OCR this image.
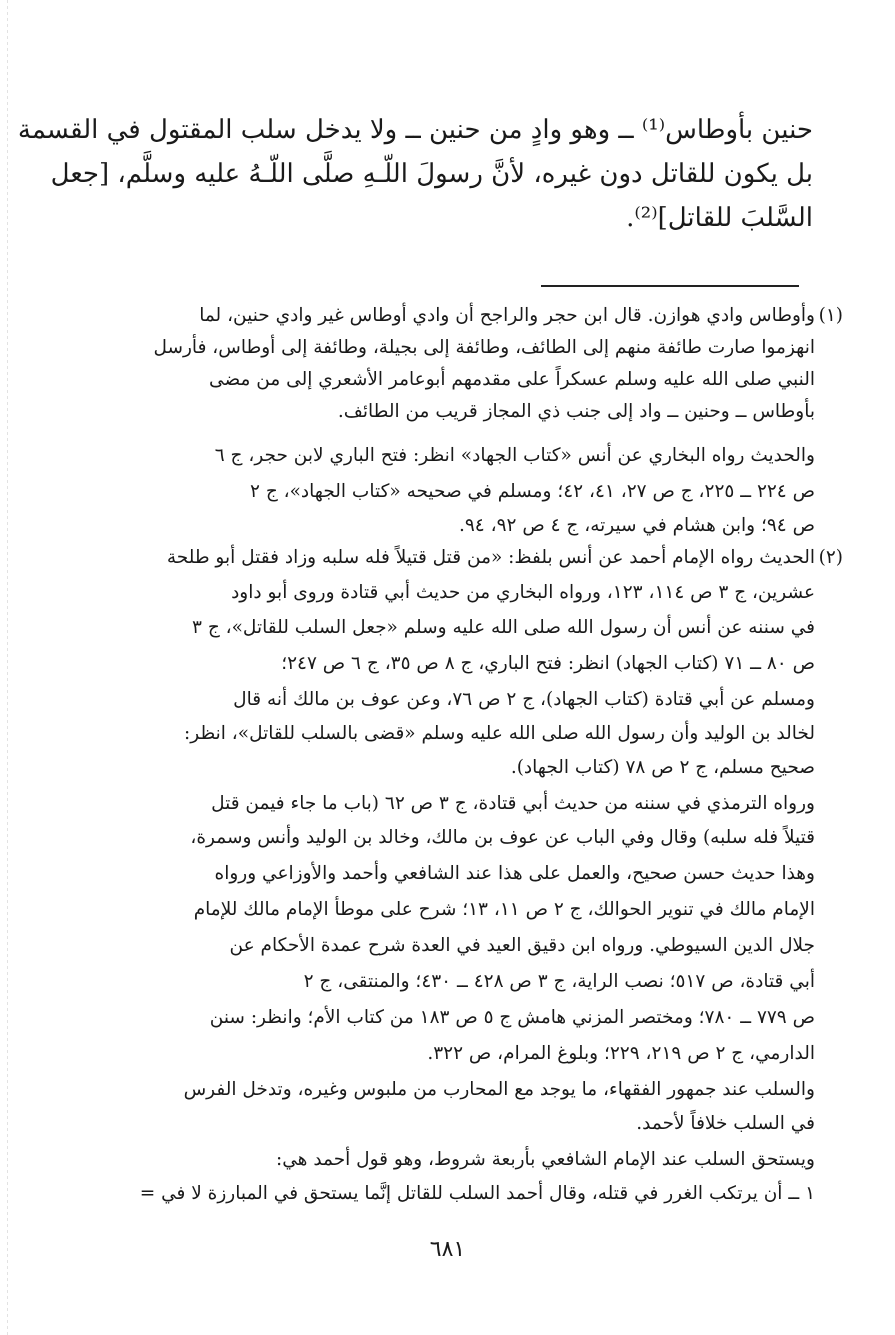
حنين بأوطاس⁽¹⁾ ــ وهو وادٍ من حنين ــ ولا يدخل سلب المقتول في القسمة
بل يكون للقاتل دون غيره، لأنَّ رسولَ اللّـهِ صلَّى اللّـهُ عليه وسلَّم، [جعل
السَّلبَ للقاتل]⁽²⁾.
(١)
وأوطاس وادي هوازن. قال ابن حجر والراجح أن وادي أوطاس غير وادي حنين، لما
انهزموا صارت طائفة منهم إلى الطائف، وطائفة إلى بجيلة، وطائفة إلى أوطاس، فأرسل
النبي صلى الله عليه وسلم عسكراً على مقدمهم أبوعامر الأشعري إلى من مضى
بأوطاس ــ وحنين ــ واد إلى جنب ذي المجاز قريب من الطائف.
والحديث رواه البخاري عن أنس «كتاب الجهاد» انظر: فتح الباري لابن حجر، ج ٦
ص ٢٢٤ ــ ٢٢٥، ج ص ٢٧، ٤١، ٤٢؛ ومسلم في صحيحه «كتاب الجهاد»، ج ٢
ص ٩٤؛ وابن هشام في سيرته، ج ٤ ص ٩٢، ٩٤.
(٢)
الحديث رواه الإمام أحمد عن أنس بلفظ: «من قتل قتيلاً فله سلبه وزاد فقتل أبو طلحة
عشرين، ج ٣ ص ١١٤، ١٢٣، ورواه البخاري من حديث أبي قتادة وروى أبو داود
في سننه عن أنس أن رسول الله صلى الله عليه وسلم «جعل السلب للقاتل»، ج ٣
ص ٨٠ ــ ٧١ (كتاب الجهاد) انظر: فتح الباري، ج ٨ ص ٣٥، ج ٦ ص ٢٤٧؛
ومسلم عن أبي قتادة (كتاب الجهاد)، ج ٢ ص ٧٦، وعن عوف بن مالك أنه قال
لخالد بن الوليد وأن رسول الله صلى الله عليه وسلم «قضى بالسلب للقاتل»، انظر:
صحيح مسلم، ج ٢ ص ٧٨ (كتاب الجهاد).
ورواه الترمذي في سننه من حديث أبي قتادة، ج ٣ ص ٦٢ (باب ما جاء فيمن قتل
قتيلاً فله سلبه) وقال وفي الباب عن عوف بن مالك، وخالد بن الوليد وأنس وسمرة،
وهذا حديث حسن صحيح، والعمل على هذا عند الشافعي وأحمد والأوزاعي ورواه
الإمام مالك في تنوير الحوالك، ج ٢ ص ١١، ١٣؛ شرح على موطأ الإمام مالك للإمام
جلال الدين السيوطي. ورواه ابن دقيق العيد في العدة شرح عمدة الأحكام عن
أبي قتادة، ص ٥١٧؛ نصب الراية، ج ٣ ص ٤٢٨ ــ ٤٣٠؛ والمنتقى، ج ٢
ص ٧٧٩ ــ ٧٨٠؛ ومختصر المزني هامش ج ٥ ص ١٨٣ من كتاب الأم؛ وانظر: سنن
الدارمي، ج ٢ ص ٢١٩، ٢٢٩؛ وبلوغ المرام، ص ٣٢٢.
والسلب عند جمهور الفقهاء، ما يوجد مع المحارب من ملبوس وغيره، وتدخل الفرس
في السلب خلافاً لأحمد.
ويستحق السلب عند الإمام الشافعي بأربعة شروط، وهو قول أحمد هي:
١ ــ أن يرتكب الغرر في قتله، وقال أحمد السلب للقاتل إنَّما يستحق في المبارزة لا في =
٦٨١
